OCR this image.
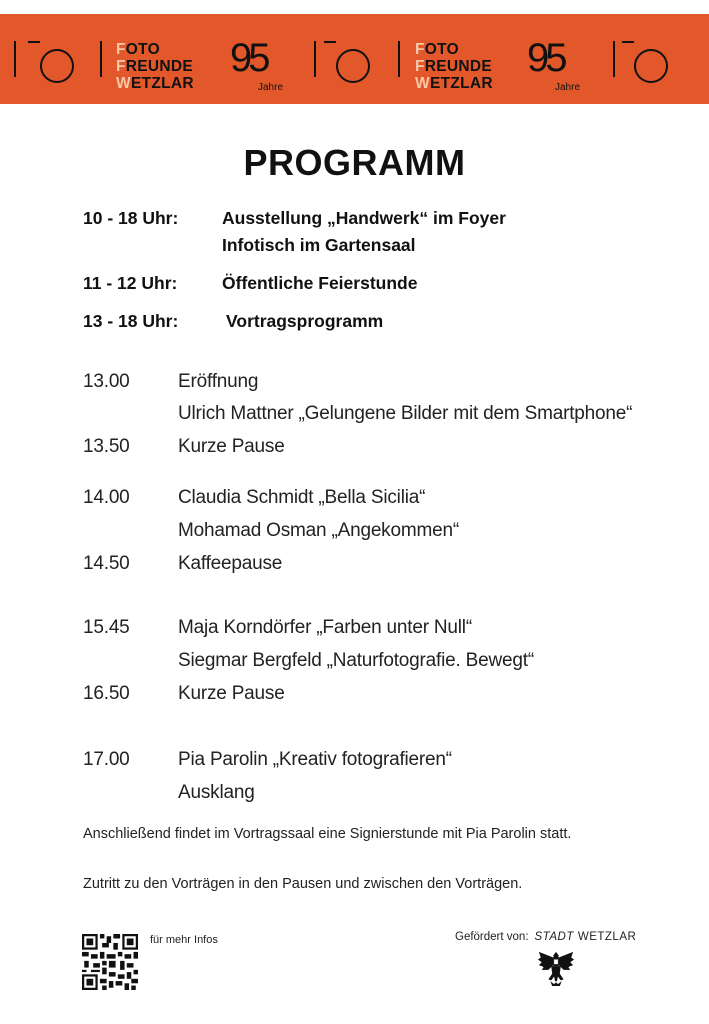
FOTO
FREUNDE
WETZLAR
95
Jahre
FOTO
FREUNDE
WETZLAR
95
Jahre
PROGRAMM
10 - 18 Uhr: Ausstellung „Handwerk“ im Foyer
Infotisch im Gartensaal
11 - 12 Uhr:	Öffentliche Feierstunde
13 - 18 Uhr:	Vortragsprogramm
13.00	Eröffnung
Ulrich Mattner „Gelungene Bilder mit dem Smartphone“
13.50	Kurze Pause
14.00	Claudia Schmidt „Bella Sicilia“
Mohamad Osman „Angekommen“
14.50	Kaffeepause
15.45	Maja Korndörfer „Farben unter Null“
Siegmar Bergfeld „Naturfotografie. Bewegt“
16.50	Kurze Pause
17.00	Pia Parolin „Kreativ fotografieren“
Ausklang
Anschließend findet im Vortragssaal eine Signierstunde mit Pia Parolin statt.
Zutritt zu den Vorträgen in den Pausen und zwischen den Vorträgen.
für mehr Infos	Gefördert von: STADT WETZLAR
